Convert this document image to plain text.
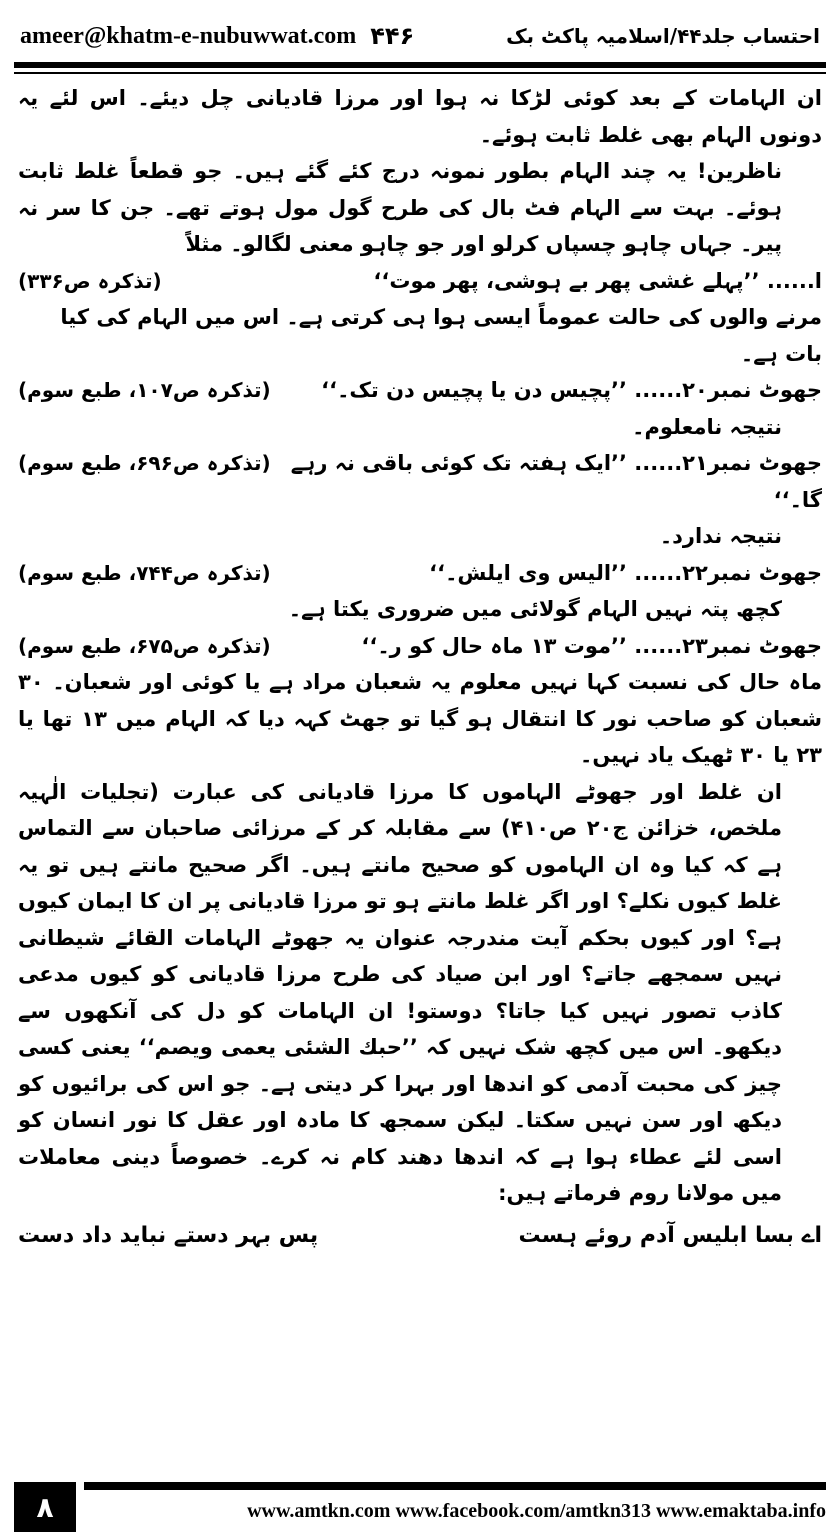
ameer@khatm-e-nubuwwat.com ۴۴۶	احتساب جلد۴۴/اسلامیہ پاکٹ بک

ان الہامات کے بعد کوئی لڑکا نہ ہوا اور مرزا قادیانی چل دیئے۔ اس لئے یہ دونوں الہام بھی غلط ثابت ہوئے۔

ناظرین! یہ چند الہام بطور نمونہ درج کئے گئے ہیں۔ جو قطعاً غلط ثابت ہوئے۔ بہت سے الہام فٹ بال کی طرح گول مول ہوتے تھے۔ جن کا سر نہ پیر۔ جہاں چاہو چسپاں کرلو اور جو چاہو معنی لگالو۔ مثلاً

ا...... ’’پہلے غشی پھر بے ہوشی، پھر موت‘‘
(تذکرہ ص۳۳۶)

مرنے والوں کی حالت عموماً ایسی ہوا ہی کرتی ہے۔ اس میں الہام کی کیا بات ہے۔

جھوٹ نمبر۲۰...... ’’پچیس دن یا پچیس دن تک۔‘‘
(تذکرہ ص۱۰۷، طبع سوم)

نتیجہ نامعلوم۔

جھوٹ نمبر۲۱...... ’’ایک ہفتہ تک کوئی باقی نہ رہے گا۔‘‘
(تذکرہ ص۶۹۶، طبع سوم)

نتیجہ ندارد۔

جھوٹ نمبر۲۲...... ’’الیس وی ایلش۔‘‘
(تذکرہ ص۷۴۴، طبع سوم)

کچھ پتہ نہیں الہام گولائی میں ضروری یکتا ہے۔

جھوٹ نمبر۲۳...... ’’موت ۱۳ ماہ حال کو ر۔‘‘
(تذکرہ ص۶۷۵، طبع سوم)

ماہ حال کی نسبت کہا نہیں معلوم یہ شعبان مراد ہے یا کوئی اور شعبان۔ ۳۰ شعبان کو صاحب نور کا انتقال ہو گیا تو جھٹ کہہ دیا کہ الہام میں ۱۳ تھا یا ۲۳ یا ۳۰ ٹھیک یاد نہیں۔

ان غلط اور جھوٹے الہاموں کا مرزا قادیانی کی عبارت (تجلیات الٰہیہ ملخص، خزائن ج۲۰ ص۴۱۰) سے مقابلہ کر کے مرزائی صاحبان سے التماس ہے کہ کیا وہ ان الہاموں کو صحیح مانتے ہیں۔ اگر صحیح مانتے ہیں تو یہ غلط کیوں نکلے؟ اور اگر غلط مانتے ہو تو مرزا قادیانی پر ان کا ایمان کیوں ہے؟ اور کیوں بحکم آیت مندرجہ عنوان یہ جھوٹے الہامات القائے شیطانی نہیں سمجھے جاتے؟ اور ابن صیاد کی طرح مرزا قادیانی کو کیوں مدعی کاذب تصور نہیں کیا جاتا؟ دوستو! ان الہامات کو دل کی آنکھوں سے دیکھو۔ اس میں کچھ شک نہیں کہ ’’حبك الشئی یعمی ویصم‘‘ یعنی کسی چیز کی محبت آدمی کو اندھا اور بہرا کر دیتی ہے۔ جو اس کی برائیوں کو دیکھ اور سن نہیں سکتا۔ لیکن سمجھ کا مادہ اور عقل کا نور انسان کو اسی لئے عطاء ہوا ہے کہ اندھا دھند کام نہ کرے۔ خصوصاً دینی معاملات میں مولانا روم فرماتے ہیں:

اے بسا ابلیس آدم روئے ہست
پس بہر دستے نباید داد دست
۸	www.amtkn.com www.facebook.com/amtkn313 www.emaktaba.info
